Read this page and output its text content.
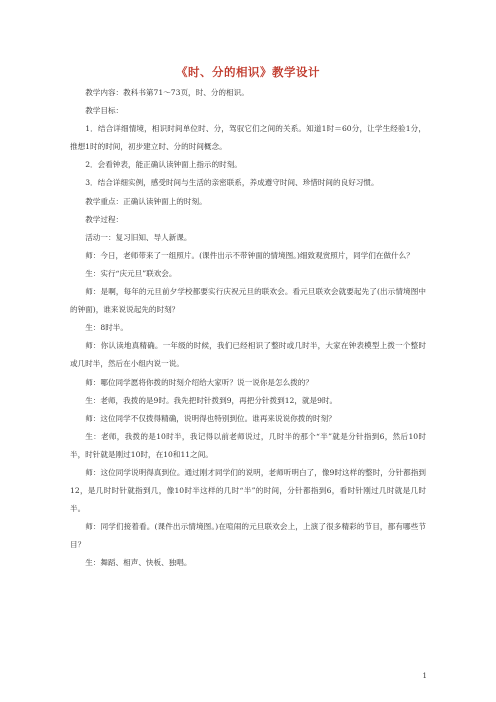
《时、分的相识》教学设计

教学内容：教科书第71～73页，时、分的相识。

教学目标：

1．结合详细情境，相识时间单位时、分，驾驭它们之间的关系。知道1时＝60分，让学生经验1分，推想1时的时间，初步建立时、分的时间概念。

2．会看钟表，能正确认读钟面上指示的时刻。

3．结合详细实例，感受时间与生活的亲密联系，养成遵守时间、珍惜时间的良好习惯。

教学重点：正确认读钟面上的时刻。

教学过程：

活动一：复习旧知、导人新课。

师：今日，老师带来了一组照片。(课件出示不带钟面的情境图。)细致观赏照片，同学们在做什么？

生：实行“庆元旦”联欢会。

师：是啊，每年的元旦前夕学校都要实行庆祝元旦的联欢会。看元旦联欢会就要起先了(出示情境图中的钟面)，谁来说说起先的时刻？

生：8时半。

师：你认读地真精确。一年级的时候，我们已经相识了整时或几时半，大家在钟表模型上拨一个整时或几时半，然后在小组内说一说。

师：哪位同学愿将你拨的时刻介绍给大家听？说一说你是怎么拨的？

生：老师，我拨的是9时。我先把时针拨到9，再把分针拨到12，就是9时。

师：这位同学不仅拨得精确，说明得也特别到位。谁再来说说你拨的时刻？

生：老师，我拨的是10时半，我记得以前老师说过，几时半的那个“半”就是分针指到6，然后10时半，时针就是刚过10时，在10和11之间。

师：这位同学说明得真到位。通过刚才同学们的说明，老师听明白了，像9时这样的整时，分针都指到12，是几时时针就指到几，像10时半这样的几时“半”的时间，分针都指到6，看时针刚过几时就是几时半。

师：同学们接着看。(课件出示情境图。)在喧闹的元旦联欢会上，上演了很多精彩的节目，都有哪些节目？

生：舞蹈、相声、快板、独唱。

1
